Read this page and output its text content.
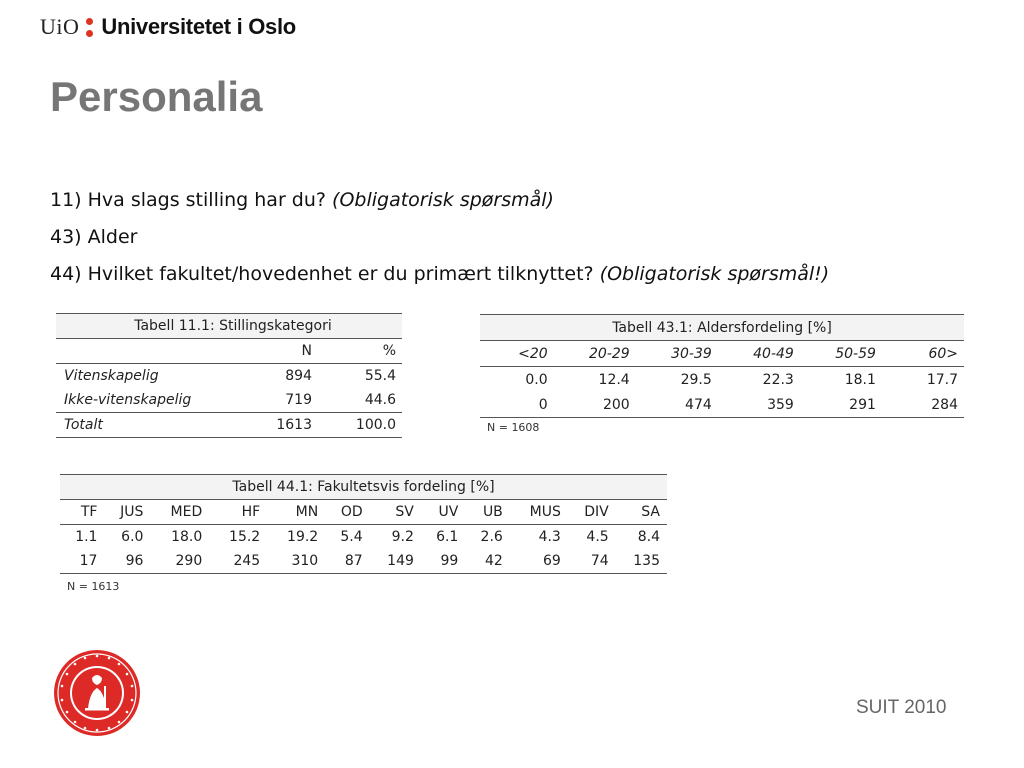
UiO Universitetet i Oslo
Personalia
11) Hva slags stilling har du? (Obligatorisk spørsmål)
43) Alder
44) Hvilket fakultet/hovedenhet er du primært tilknyttet? (Obligatorisk spørsmål!)
Tabell 11.1: Stillingskategori		
	N	%
Vitenskapelig	894	55.4
Ikke-vitenskapelig	719	44.6
Totalt	1613	100.0
Tabell 43.1: Aldersfordeling [%]					
<20	20-29	30-39	40-49	50-59	60>
0.0	12.4	29.5	22.3	18.1	17.7
0	200	474	359	291	284
N = 1608
Tabell 44.1: Fakultetsvis fordeling [%]											
TF	JUS	MED	HF	MN	OD	SV	UV	UB	MUS	DIV	SA
1.1	6.0	18.0	15.2	19.2	5.4	9.2	6.1	2.6	4.3	4.5	8.4
17	96	290	245	310	87	149	99	42	69	74	135
N = 1613
SUIT 2010
